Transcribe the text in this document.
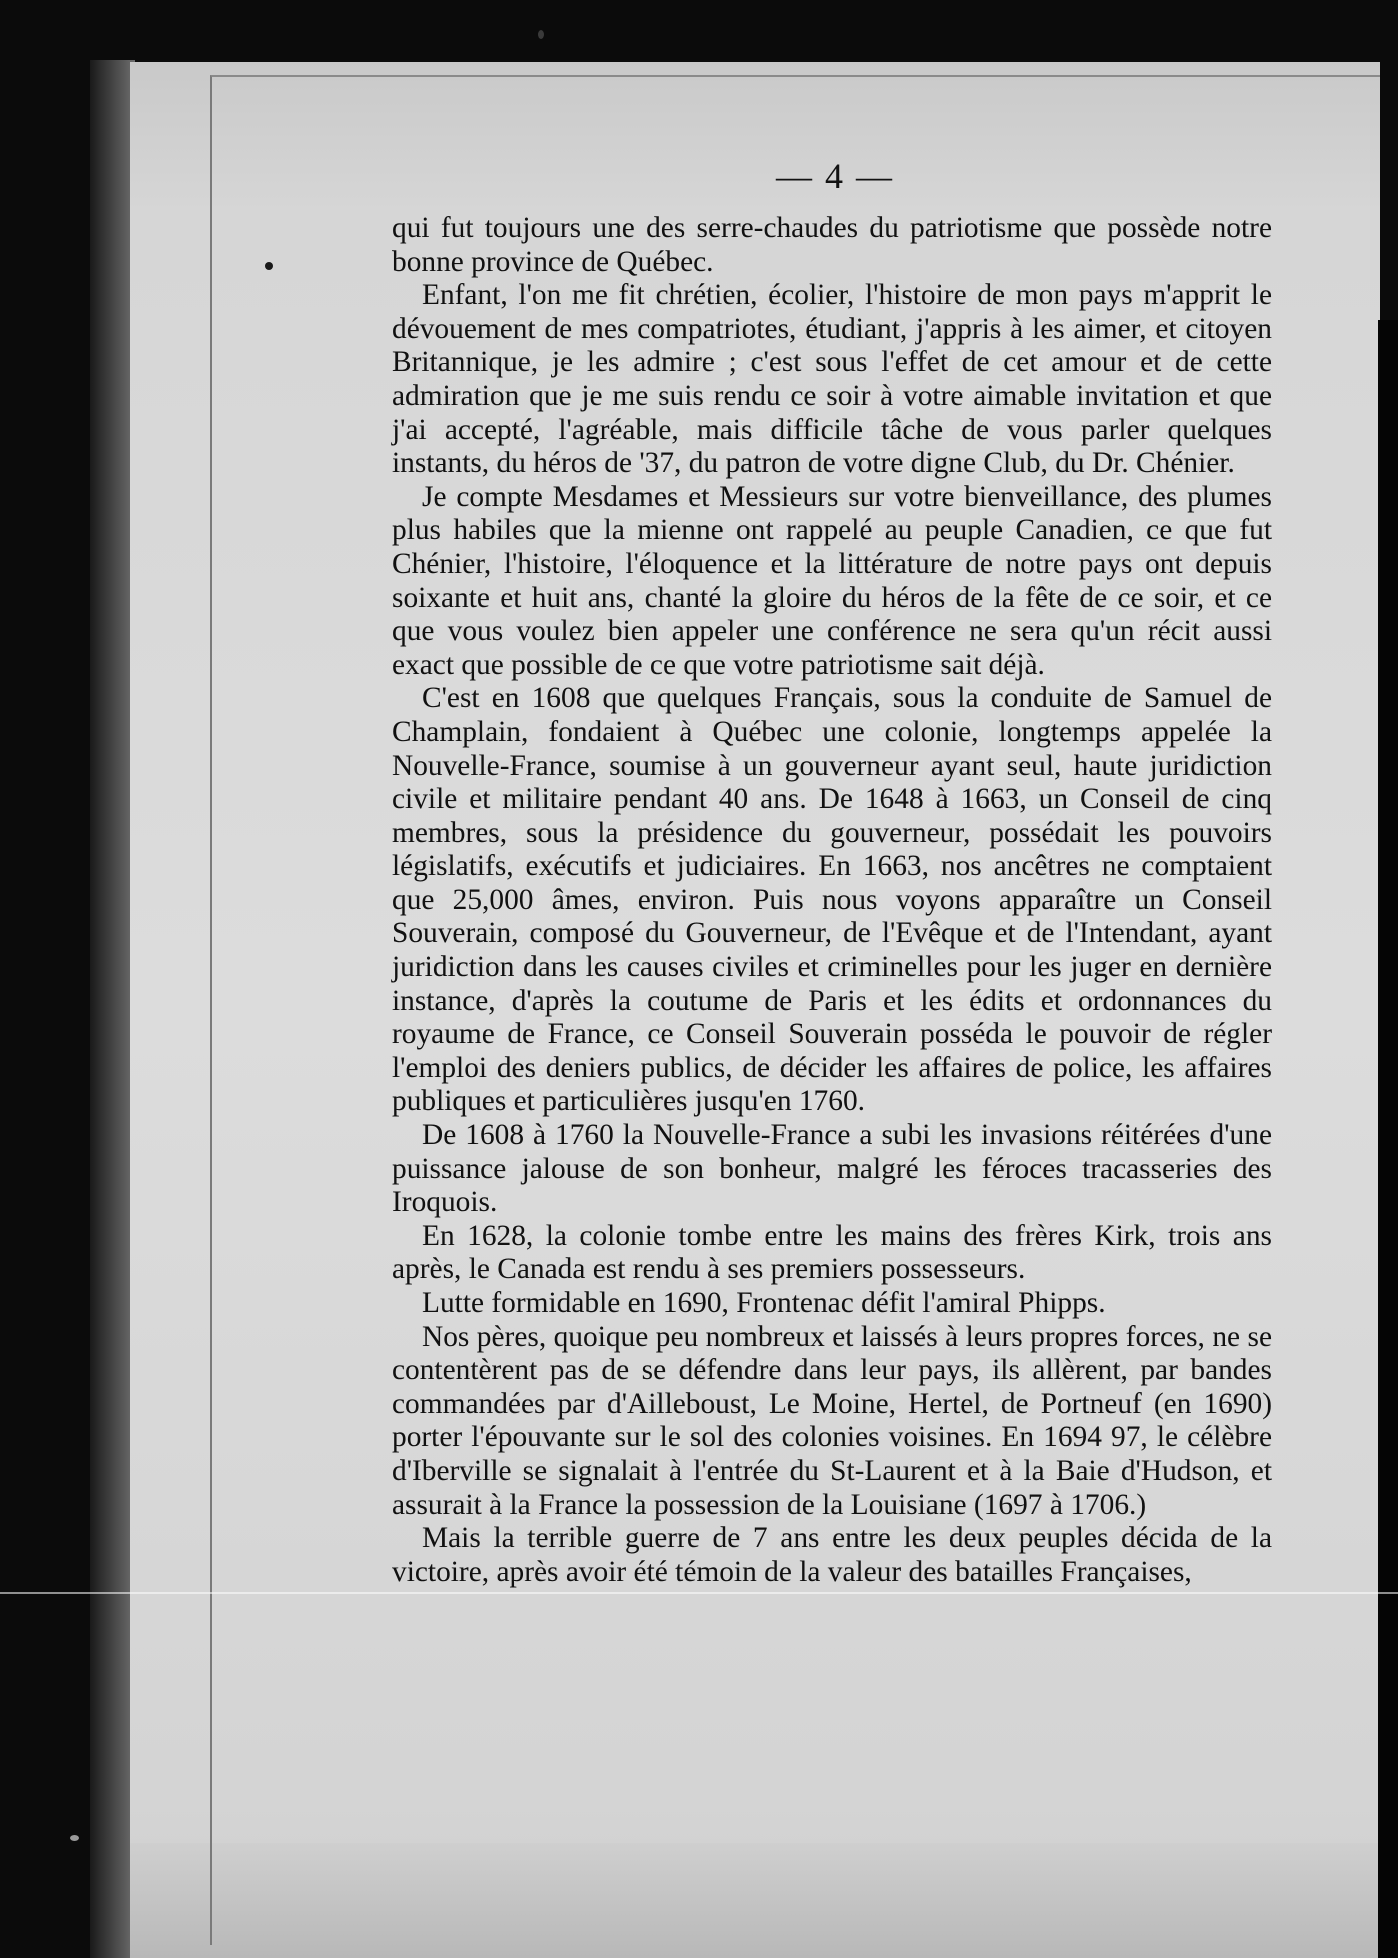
— 4 —

qui fut toujours une des serre-chaudes du patriotisme que possède notre bonne province de Québec.

Enfant, l'on me fit chrétien, écolier, l'histoire de mon pays m'apprit le dévouement de mes compatriotes, étudiant, j'appris à les aimer, et citoyen Britannique, je les admire ; c'est sous l'effet de cet amour et de cette admiration que je me suis rendu ce soir à votre aimable invitation et que j'ai accepté, l'agréable, mais difficile tâche de vous parler quelques instants, du héros de '37, du patron de votre digne Club, du Dr. Chénier.

Je compte Mesdames et Messieurs sur votre bienveillance, des plumes plus habiles que la mienne ont rappelé au peuple Canadien, ce que fut Chénier, l'histoire, l'éloquence et la littérature de notre pays ont depuis soixante et huit ans, chanté la gloire du héros de la fête de ce soir, et ce que vous voulez bien appeler une conférence ne sera qu'un récit aussi exact que possible de ce que votre patriotisme sait déjà.

C'est en 1608 que quelques Français, sous la conduite de Samuel de Champlain, fondaient à Québec une colonie, longtemps appelée la Nouvelle-France, soumise à un gouverneur ayant seul, haute juridiction civile et militaire pendant 40 ans. De 1648 à 1663, un Conseil de cinq membres, sous la présidence du gouverneur, possédait les pouvoirs législatifs, exécutifs et judiciaires. En 1663, nos ancêtres ne comptaient que 25,000 âmes, environ. Puis nous voyons apparaître un Conseil Souverain, composé du Gouverneur, de l'Evêque et de l'Intendant, ayant juridiction dans les causes civiles et criminelles pour les juger en dernière instance, d'après la coutume de Paris et les édits et ordonnances du royaume de France, ce Conseil Souverain posséda le pouvoir de régler l'emploi des deniers publics, de décider les affaires de police, les affaires publiques et particulières jusqu'en 1760.

De 1608 à 1760 la Nouvelle-France a subi les invasions réitérées d'une puissance jalouse de son bonheur, malgré les féroces tracasseries des Iroquois.

En 1628, la colonie tombe entre les mains des frères Kirk, trois ans après, le Canada est rendu à ses premiers possesseurs.

Lutte formidable en 1690, Frontenac défit l'amiral Phipps.

Nos pères, quoique peu nombreux et laissés à leurs propres forces, ne se contentèrent pas de se défendre dans leur pays, ils allèrent, par bandes commandées par d'Ailleboust, Le Moine, Hertel, de Portneuf (en 1690) porter l'épouvante sur le sol des colonies voisines. En 1694 97, le célèbre d'Iberville se signalait à l'entrée du St-Laurent et à la Baie d'Hudson, et assurait à la France la possession de la Louisiane (1697 à 1706.)

Mais la terrible guerre de 7 ans entre les deux peuples décida de la victoire, après avoir été témoin de la valeur des batailles Françaises,
